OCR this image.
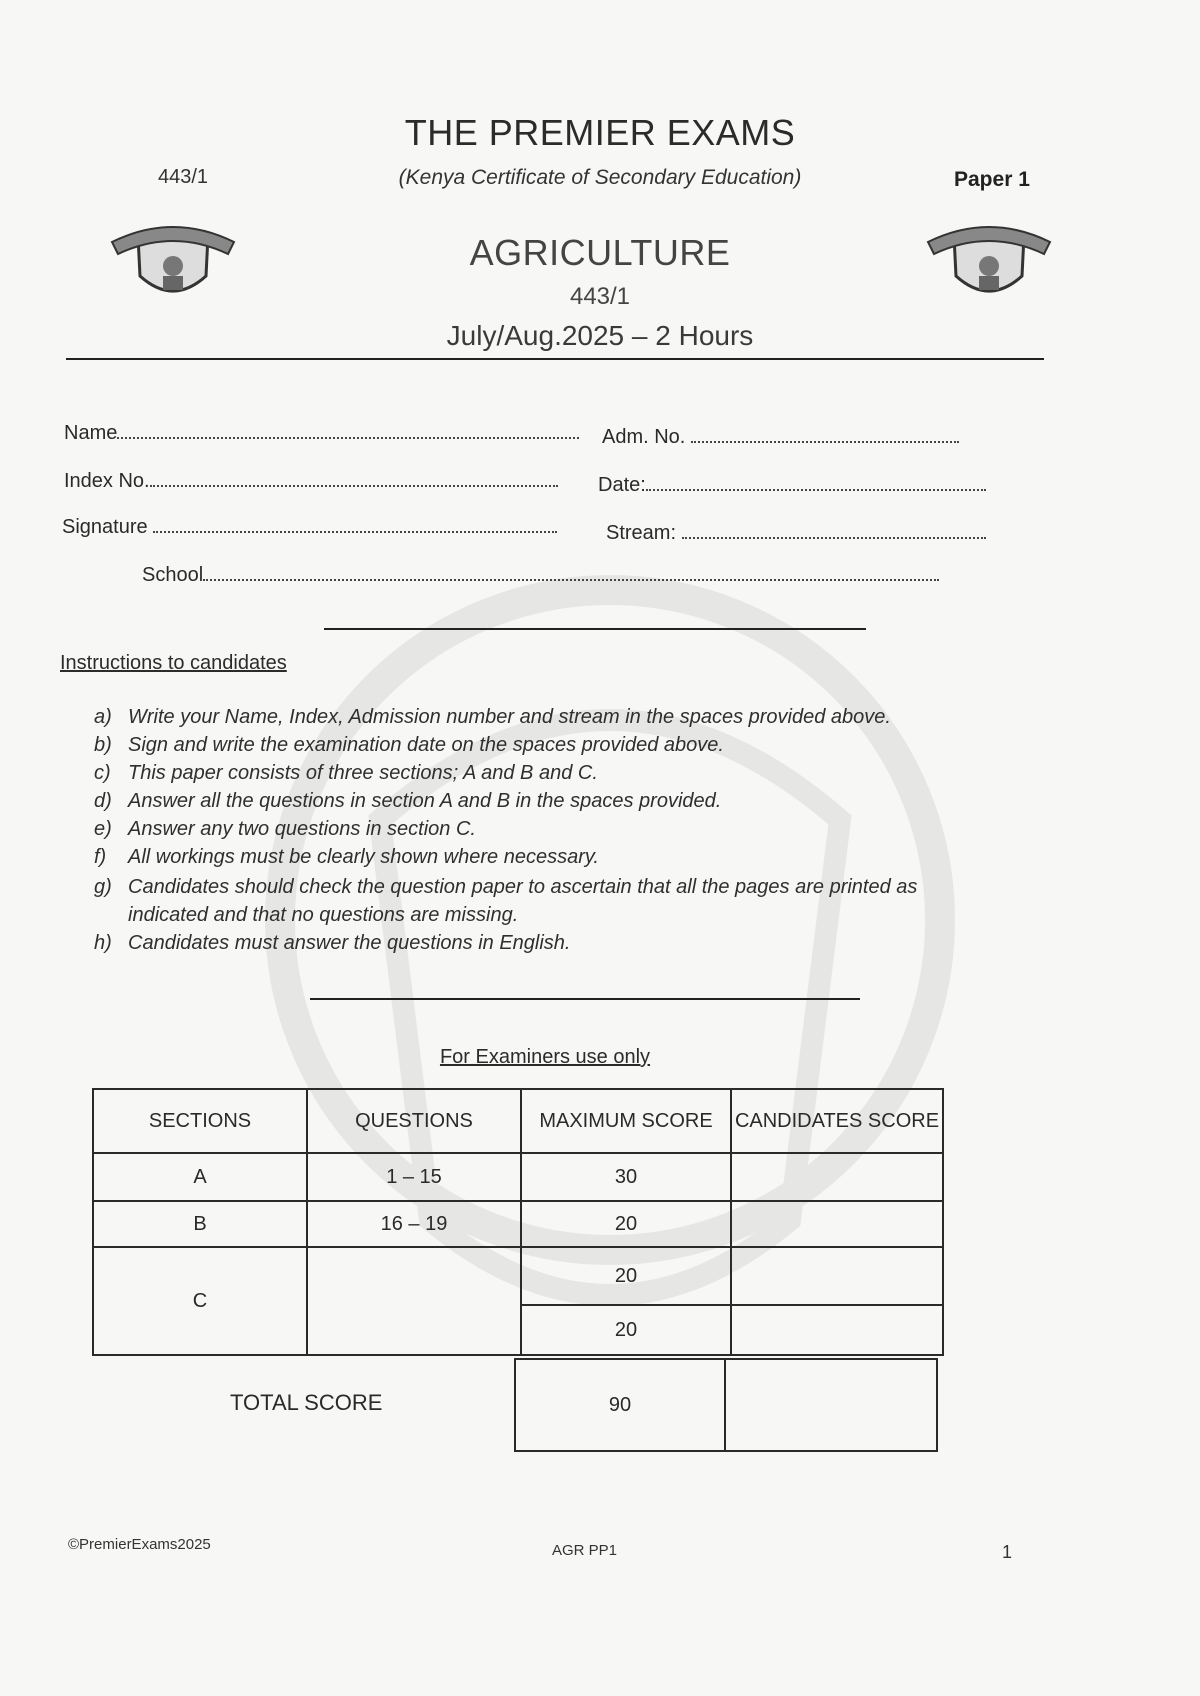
THE PREMIER EXAMS
443/1	(Kenya Certificate of Secondary Education)	Paper 1
AGRICULTURE
443/1
July/Aug.2025 – 2 Hours
Name	Adm. No.
Index No.	Date:
Signature	Stream:
School
Instructions to candidates
a) Write your Name, Index, Admission number and stream in the spaces provided above.
b) Sign and write the examination date on the spaces provided above.
c) This paper consists of three sections; A and B and C.
d) Answer all the questions in section A and B in the spaces provided.
e) Answer any two questions in section C.
f) All workings must be clearly shown where necessary.
g) Candidates should check the question paper to ascertain that all the pages are printed as
indicated and that no questions are missing.
h) Candidates must answer the questions in English.
For Examiners use only
SECTIONS	QUESTIONS	MAXIMUM SCORE	CANDIDATES SCORE
A	1 – 15	30	
B	16 – 19	20	
C		20	
		20	
TOTAL SCORE	90	
©PremierExams2025	AGR PP1	1
